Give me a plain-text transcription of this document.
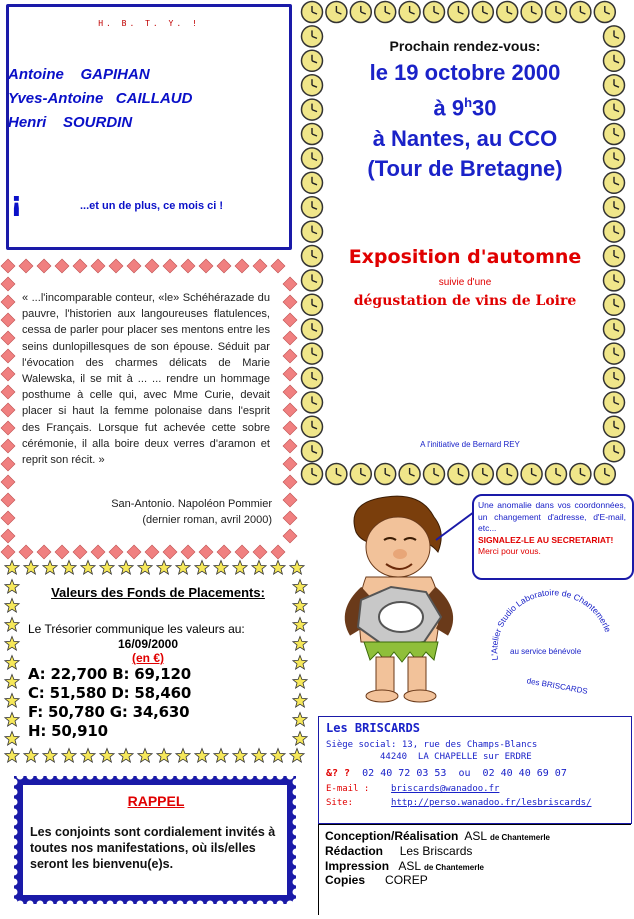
H. B. T. Y. !
Antoine    GAPIHAN
Yves-Antoine   CAILLAUD
Henri    SOURDIN
¡	...et un de plus, ce mois ci !
« ...l'incomparable conteur, «le» Schéhérazade du pauvre, l'historien aux langoureuses flatulences, cessa de parler pour placer ses mentons entre les seins dunlopillesques de son épouse. Séduit par l'évocation des charmes délicats de Marie Walewska, il se mit à ... ... rendre un hommage posthume à celle qui, avec Mme Curie, devait placer si haut la femme polonaise dans l'esprit des Français. Lorsque fut achevée cette sobre cérémonie, il alla boire deux verres d'aramon et reprit son récit. »
San-Antonio. Napoléon Pommier
(dernier roman, avril 2000)
Prochain rendez-vous:
le 19 octobre 2000
à 9$^h$30
à Nantes, au CCO
(Tour de Bretagne)
Exposition d'automne
suivie d'une
dégustation de vins de Loire
A l'initiative de Bernard REY
Une anomalie dans vos coordonnées, un changement d'adresse, d'E-mail, etc...
SIGNALEZ-LE AU SECRETARIAT!
Merci pour vous.
L'Atelier Studio Laboratoire de Chantemerle
au service bénévole
des BRISCARDS
Valeurs des Fonds de Placements:
Le Trésorier communique les valeurs au:
16/09/2000
(en €)
A: 22,700 B: 69,120
C: 51,580 D: 58,460
F: 50,780 G: 34,630
H: 50,910
RAPPEL
Les conjoints sont cordialement invités à toutes nos manifestations, où ils/elles seront les bienvenu(e)s.
Les BRISCARDS
Siège social: 13, rue des Champs-Blancs
44240  LA CHAPELLE sur ERDRE
&? ? 02 40 72 03 53  ou  02 40 40 69 07
E-mail : briscards@wanadoo.fr
Site:	http://perso.wanadoo.fr/lesbriscards/
Conception/Réalisation ASL de Chantemerle
Rédaction Les Briscards
Impression ASL de Chantemerle
Copies COREP
